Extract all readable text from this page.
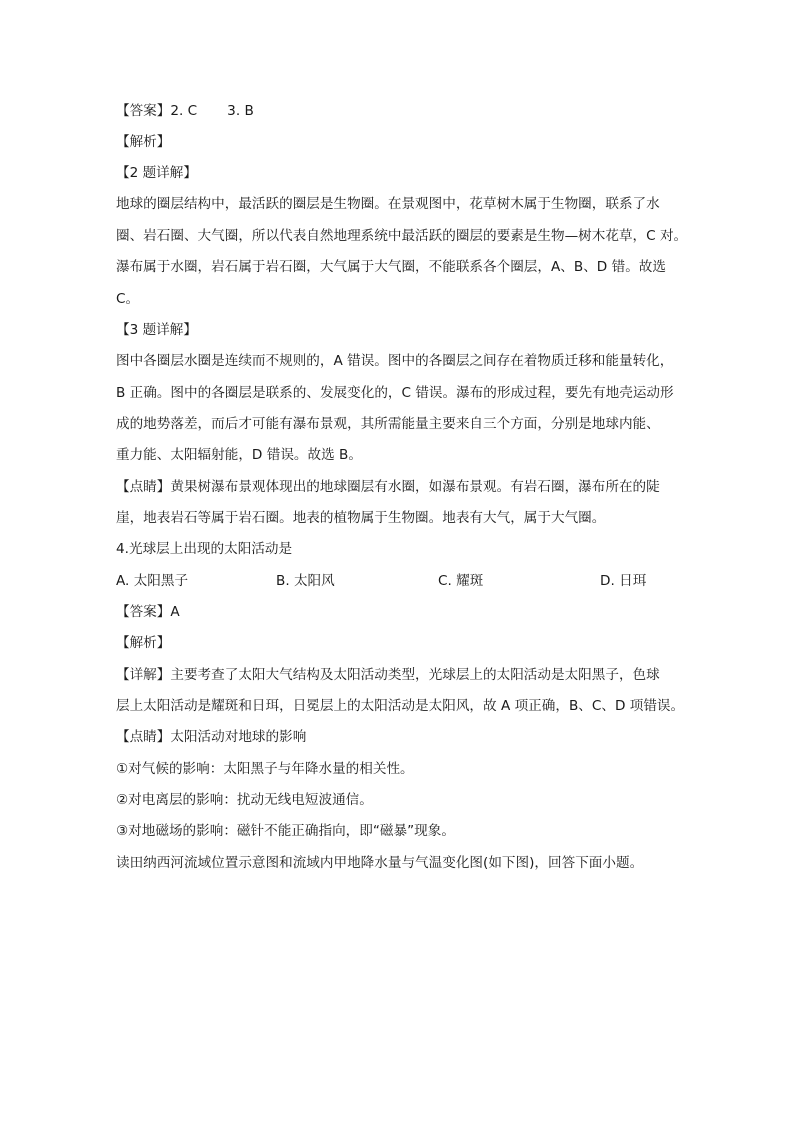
【答案】2. C 3. B
【解析】
【2 题详解】
地球的圈层结构中，最活跃的圈层是生物圈。在景观图中，花草树木属于生物圈，联系了水
圈、岩石圈、大气圈，所以代表自然地理系统中最活跃的圈层的要素是生物—树木花草，C 对。
瀑布属于水圈，岩石属于岩石圈，大气属于大气圈，不能联系各个圈层，A、B、D 错。故选
C。
【3 题详解】
图中各圈层水圈是连续而不规则的，A 错误。图中的各圈层之间存在着物质迁移和能量转化，
B 正确。图中的各圈层是联系的、发展变化的，C 错误。瀑布的形成过程，要先有地壳运动形
成的地势落差，而后才可能有瀑布景观，其所需能量主要来自三个方面，分别是地球内能、
重力能、太阳辐射能，D 错误。故选 B。
【点睛】黄果树瀑布景观体现出的地球圈层有水圈，如瀑布景观。有岩石圈，瀑布所在的陡
崖，地表岩石等属于岩石圈。地表的植物属于生物圈。地表有大气，属于大气圈。
4.光球层上出现的太阳活动是
A. 太阳黑子	B. 太阳风	C. 耀斑	D. 日珥
【答案】A
【解析】
【详解】主要考查了太阳大气结构及太阳活动类型，光球层上的太阳活动是太阳黑子，色球
层上太阳活动是耀斑和日珥，日冕层上的太阳活动是太阳风，故 A 项正确，B、C、D 项错误。
【点睛】太阳活动对地球的影响
①对气候的影响：太阳黑子与年降水量的相关性。
②对电离层的影响：扰动无线电短波通信。
③对地磁场的影响：磁针不能正确指向，即“磁暴”现象。
读田纳西河流域位置示意图和流域内甲地降水量与气温变化图(如下图)，回答下面小题。
